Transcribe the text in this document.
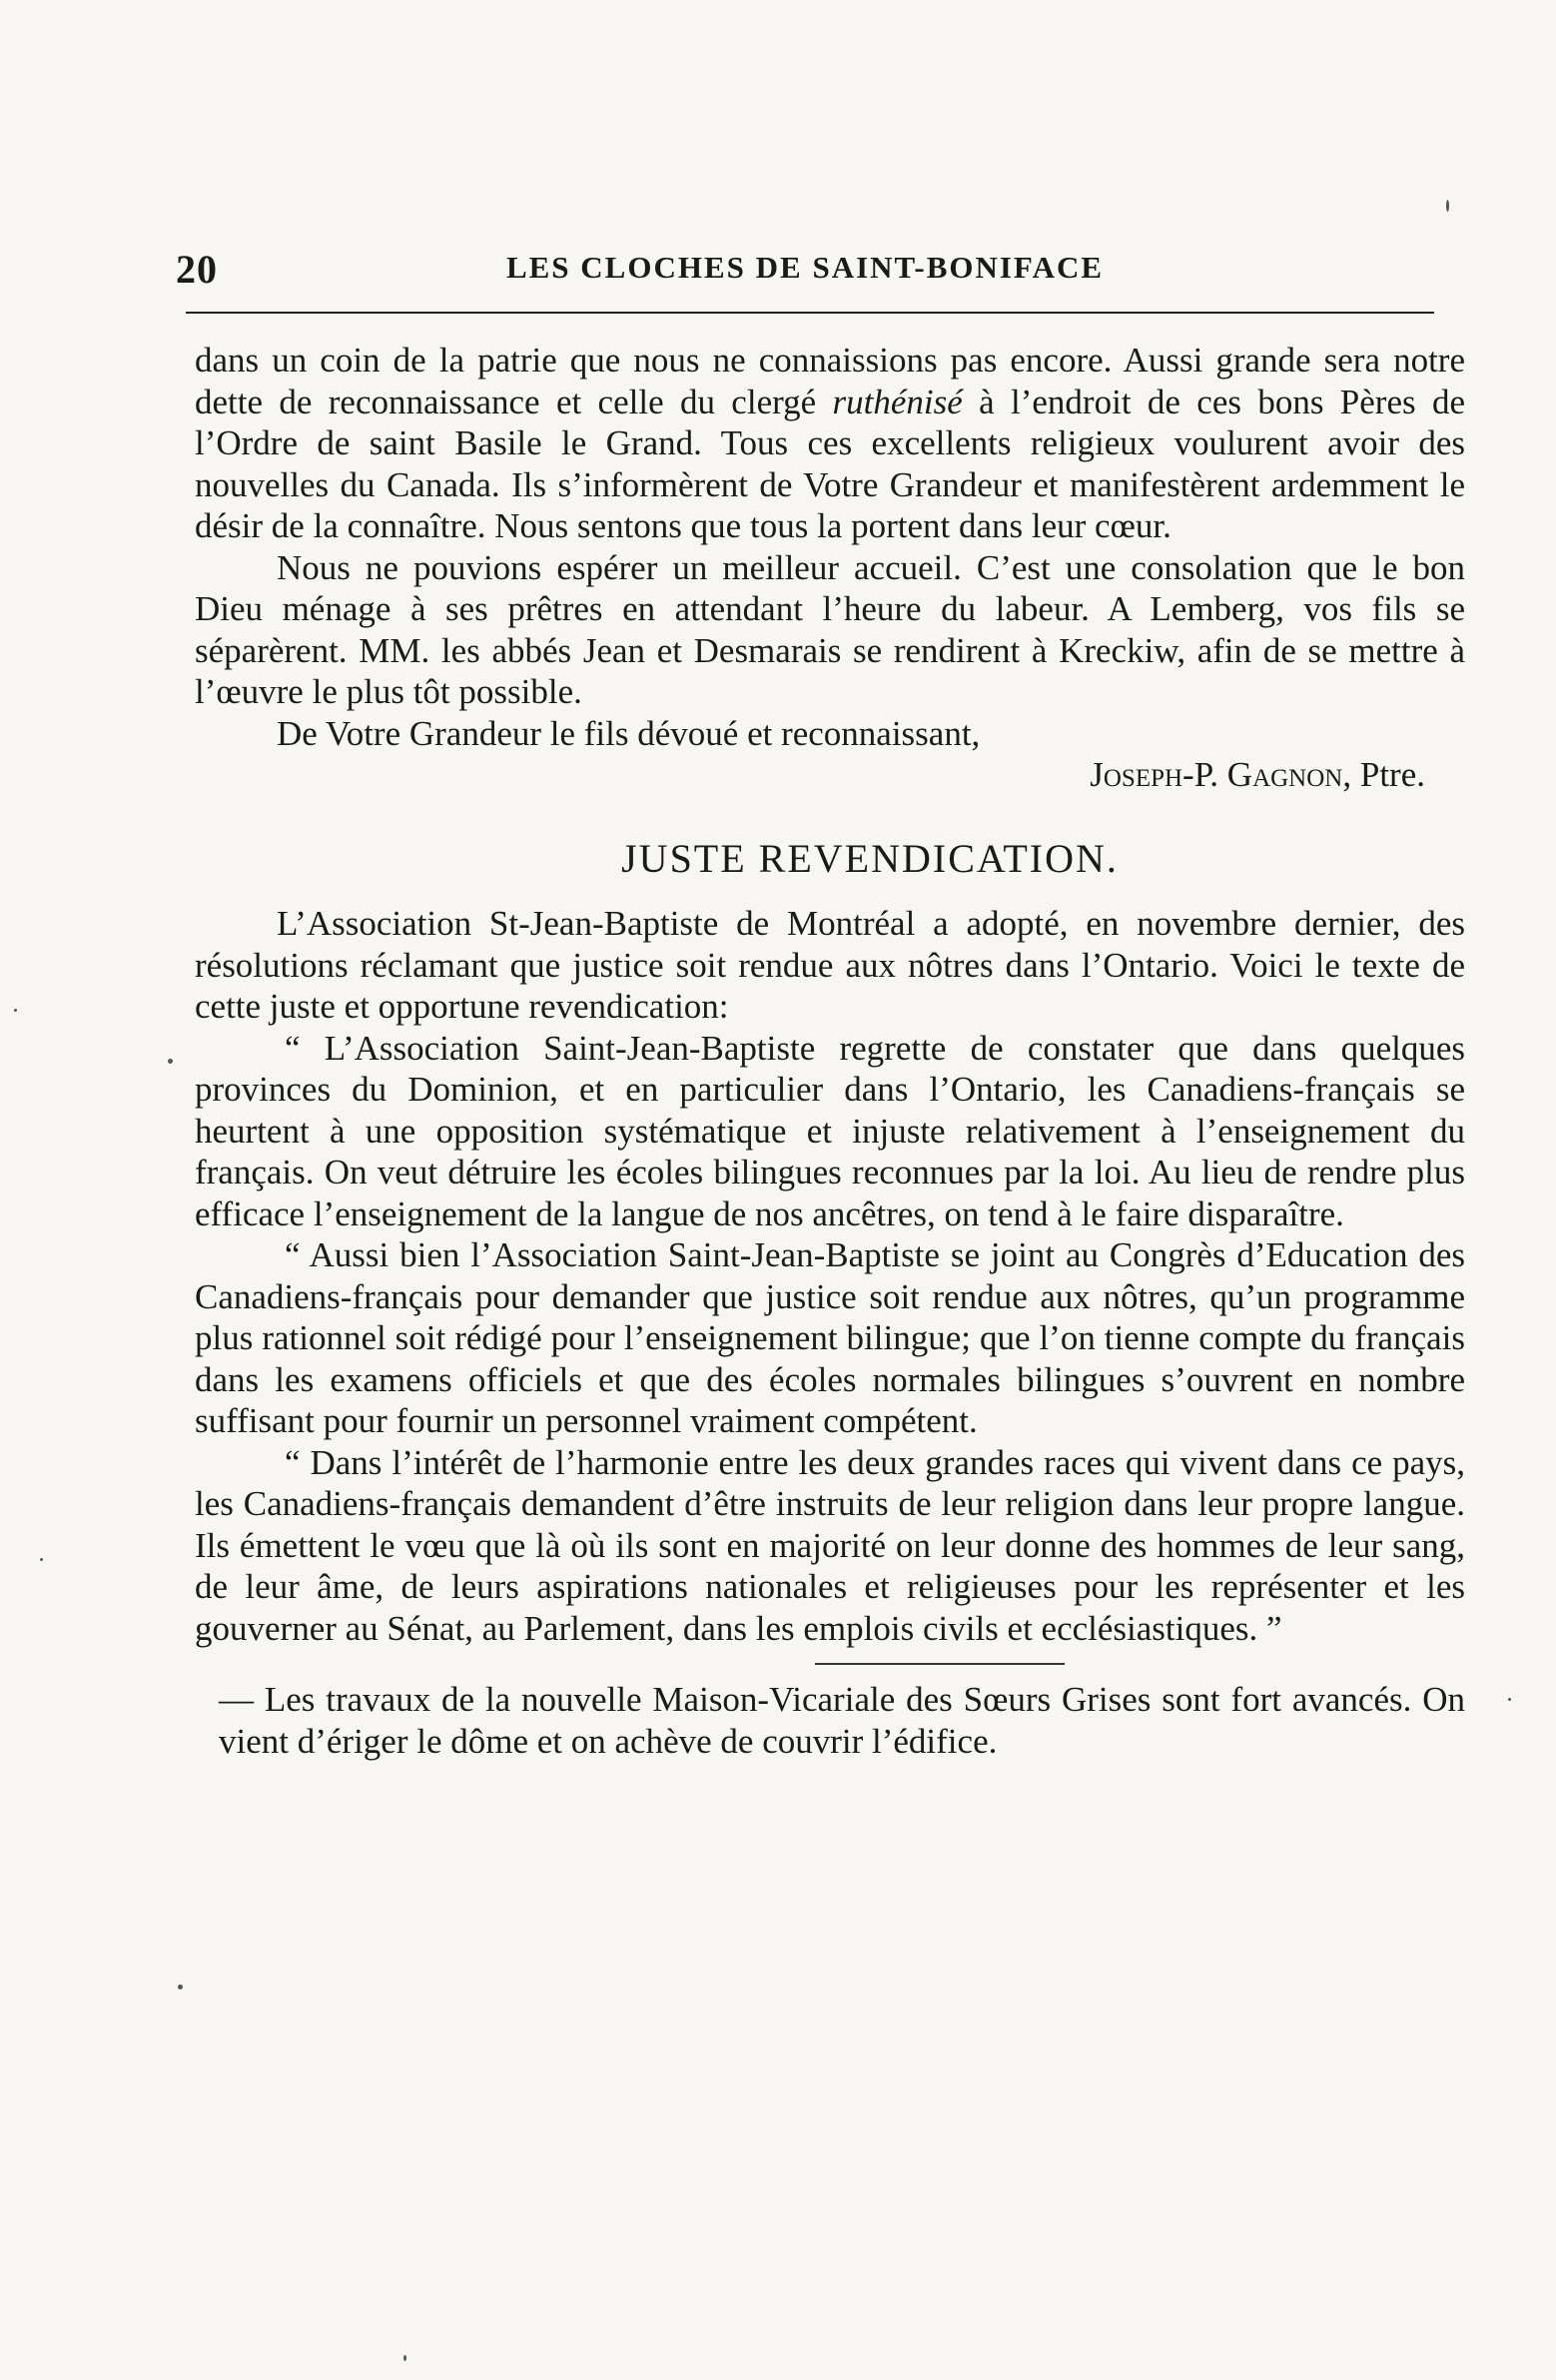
20	LES CLOCHES DE SAINT-BONIFACE

dans un coin de la patrie que nous ne connaissions pas encore. Aussi grande sera notre dette de reconnaissance et celle du clergé ruthénisé à l’endroit de ces bons Pères de l’Ordre de saint Basile le Grand. Tous ces excellents religieux voulurent avoir des nouvelles du Canada. Ils s’informèrent de Votre Grandeur et manifestèrent ardemment le désir de la connaître. Nous sentons que tous la portent dans leur cœur.

Nous ne pouvions espérer un meilleur accueil. C’est une consolation que le bon Dieu ménage à ses prêtres en attendant l’heure du labeur. A Lemberg, vos fils se séparèrent. MM. les abbés Jean et Desmarais se rendirent à Kreckiw, afin de se mettre à l’œuvre le plus tôt possible.

De Votre Grandeur le fils dévoué et reconnaissant,

Joseph-P. Gagnon, Ptre.

JUSTE REVENDICATION.

L’Association St-Jean-Baptiste de Montréal a adopté, en novembre dernier, des résolutions réclamant que justice soit rendue aux nôtres dans l’Ontario. Voici le texte de cette juste et opportune revendication:

“ L’Association Saint-Jean-Baptiste regrette de constater que dans quelques provinces du Dominion, et en particulier dans l’Ontario, les Canadiens-français se heurtent à une opposition systématique et injuste relativement à l’enseignement du français. On veut détruire les écoles bilingues reconnues par la loi. Au lieu de rendre plus efficace l’enseignement de la langue de nos ancêtres, on tend à le faire disparaître.

“ Aussi bien l’Association Saint-Jean-Baptiste se joint au Congrès d’Education des Canadiens-français pour demander que justice soit rendue aux nôtres, qu’un programme plus rationnel soit rédigé pour l’enseignement bilingue; que l’on tienne compte du français dans les examens officiels et que des écoles normales bilingues s’ouvrent en nombre suffisant pour fournir un personnel vraiment compétent.

“ Dans l’intérêt de l’harmonie entre les deux grandes races qui vivent dans ce pays, les Canadiens-français demandent d’être instruits de leur religion dans leur propre langue. Ils émettent le vœu que là où ils sont en majorité on leur donne des hommes de leur sang, de leur âme, de leurs aspirations nationales et religieuses pour les représenter et les gouverner au Sénat, au Parlement, dans les emplois civils et ecclésiastiques. ”

— Les travaux de la nouvelle Maison-Vicariale des Sœurs Grises sont fort avancés. On vient d’ériger le dôme et on achève de couvrir l’édifice.
